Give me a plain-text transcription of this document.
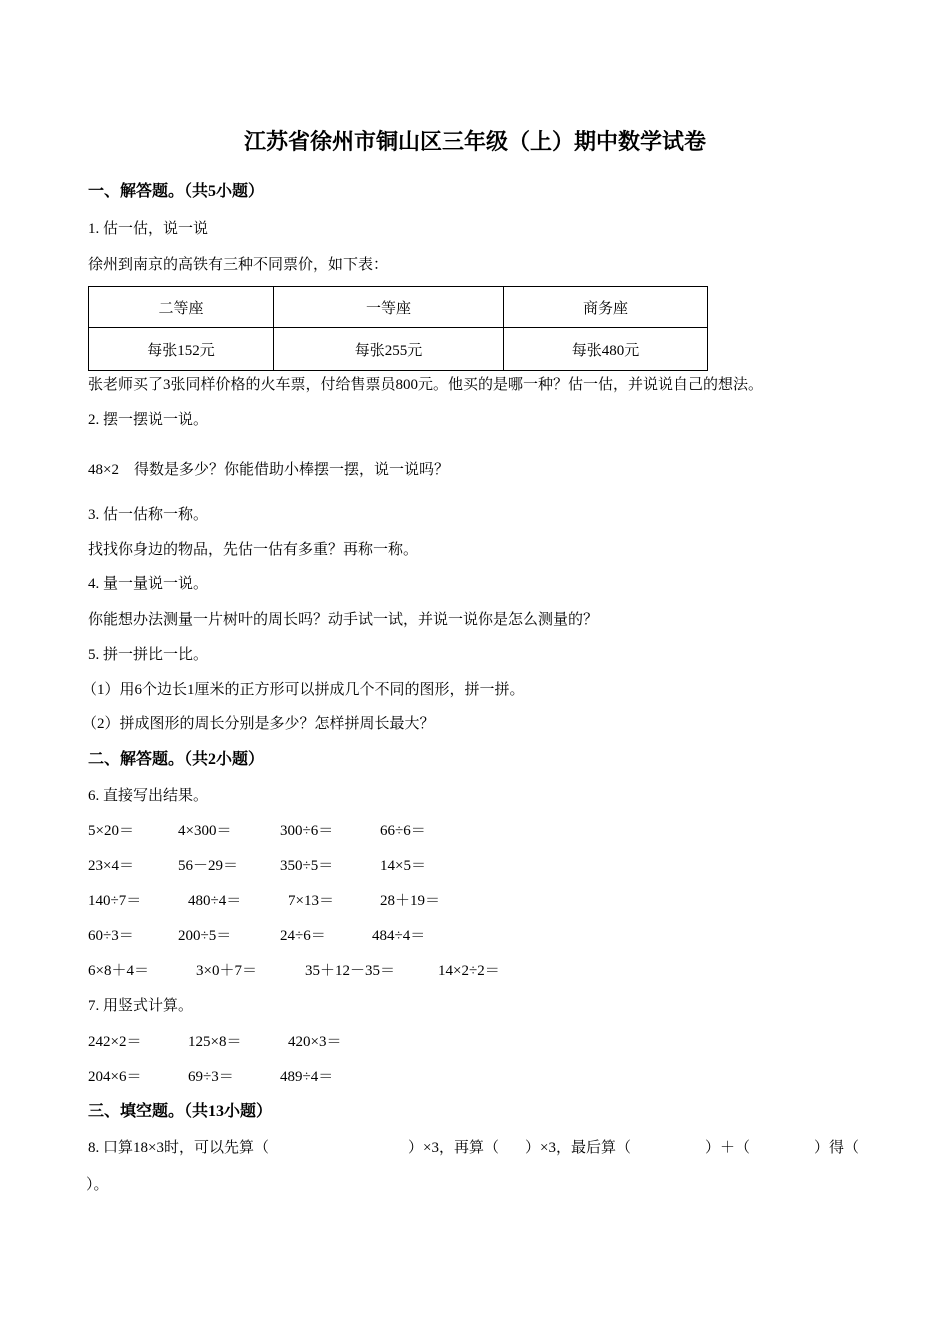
江苏省徐州市铜山区三年级（上）期中数学试卷
一、解答题。（共5小题）
1. 估一估，说一说
徐州到南京的高铁有三种不同票价，如下表：
二等座	一等座	商务座
每张152元	每张255元	每张480元
张老师买了3张同样价格的火车票，付给售票员800元。他买的是哪一种？估一估，并说说自己的想法。
2. 摆一摆说一说。
48×2　得数是多少？你能借助小棒摆一摆，说一说吗？
3. 估一估称一称。
找找你身边的物品，先估一估有多重？再称一称。
4. 量一量说一说。
你能想办法测量一片树叶的周长吗？动手试一试，并说一说你是怎么测量的？
5. 拼一拼比一比。
（1）用6个边长1厘米的正方形可以拼成几个不同的图形，拼一拼。
（2）拼成图形的周长分别是多少？怎样拼周长最大？
二、解答题。（共2小题）
6. 直接写出结果。
5×20＝	4×300＝	300÷6＝	66÷6＝
23×4＝	56－29＝	350÷5＝	14×5＝
140÷7＝	480÷4＝	7×13＝	28＋19＝
60÷3＝	200÷5＝	24÷6＝	484÷4＝
6×8＋4＝	3×0＋7＝	35＋12－35＝	14×2÷2＝
7. 用竖式计算。
242×2＝	125×8＝	420×3＝
204×6＝	69÷3＝	489÷4＝
三、填空题。（共13小题）
8. 口算18×3时，可以先算（	）×3，再算（ ）×3，最后算（	）＋（	）得（
）。
